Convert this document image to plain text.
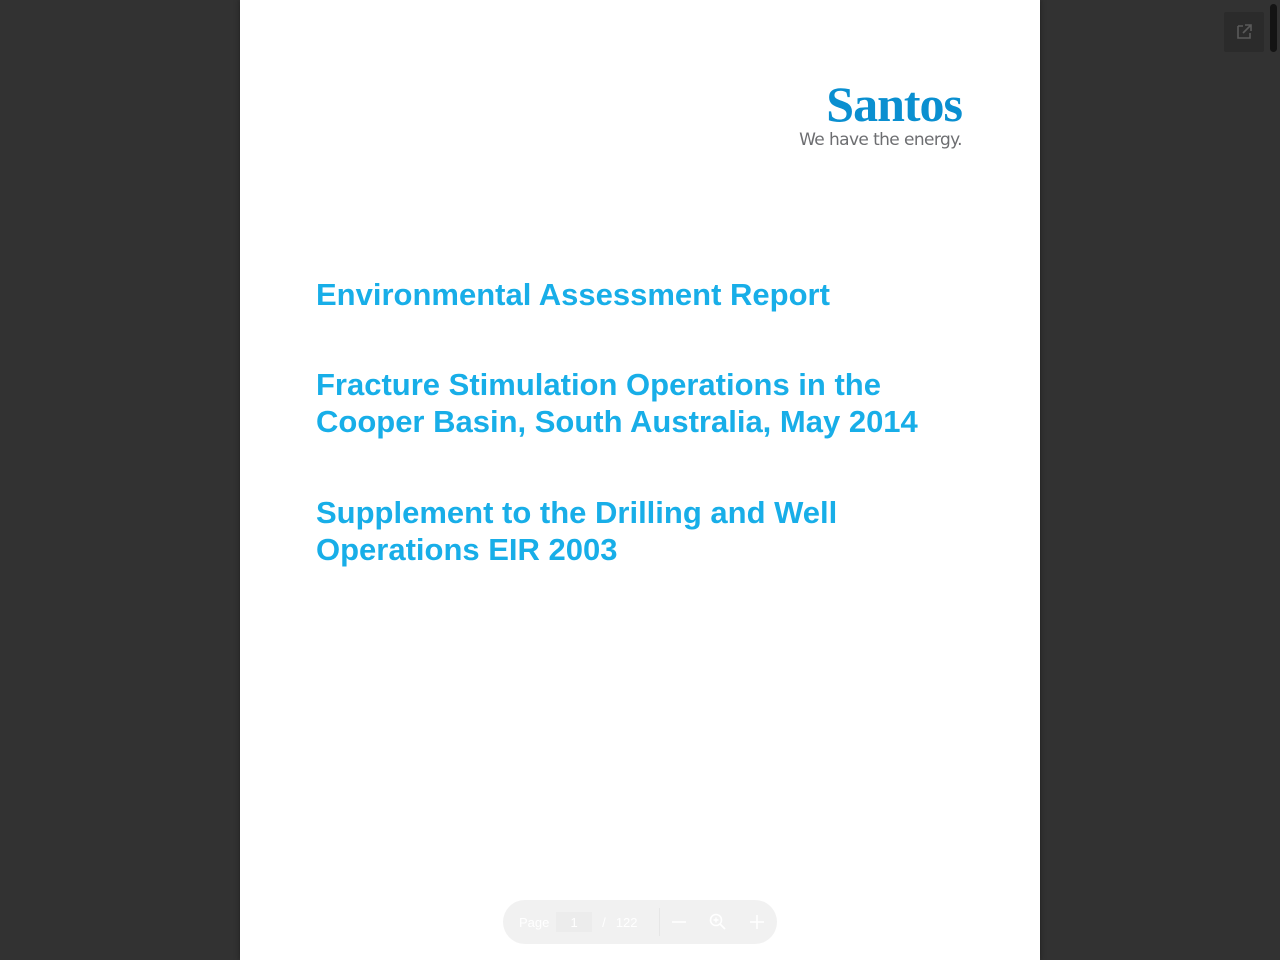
Santos
We have the energy.
Environmental Assessment Report
Fracture Stimulation Operations in the
Cooper Basin, South Australia, May 2014
Supplement to the Drilling and Well
Operations EIR 2003
Page
1	/ 122
